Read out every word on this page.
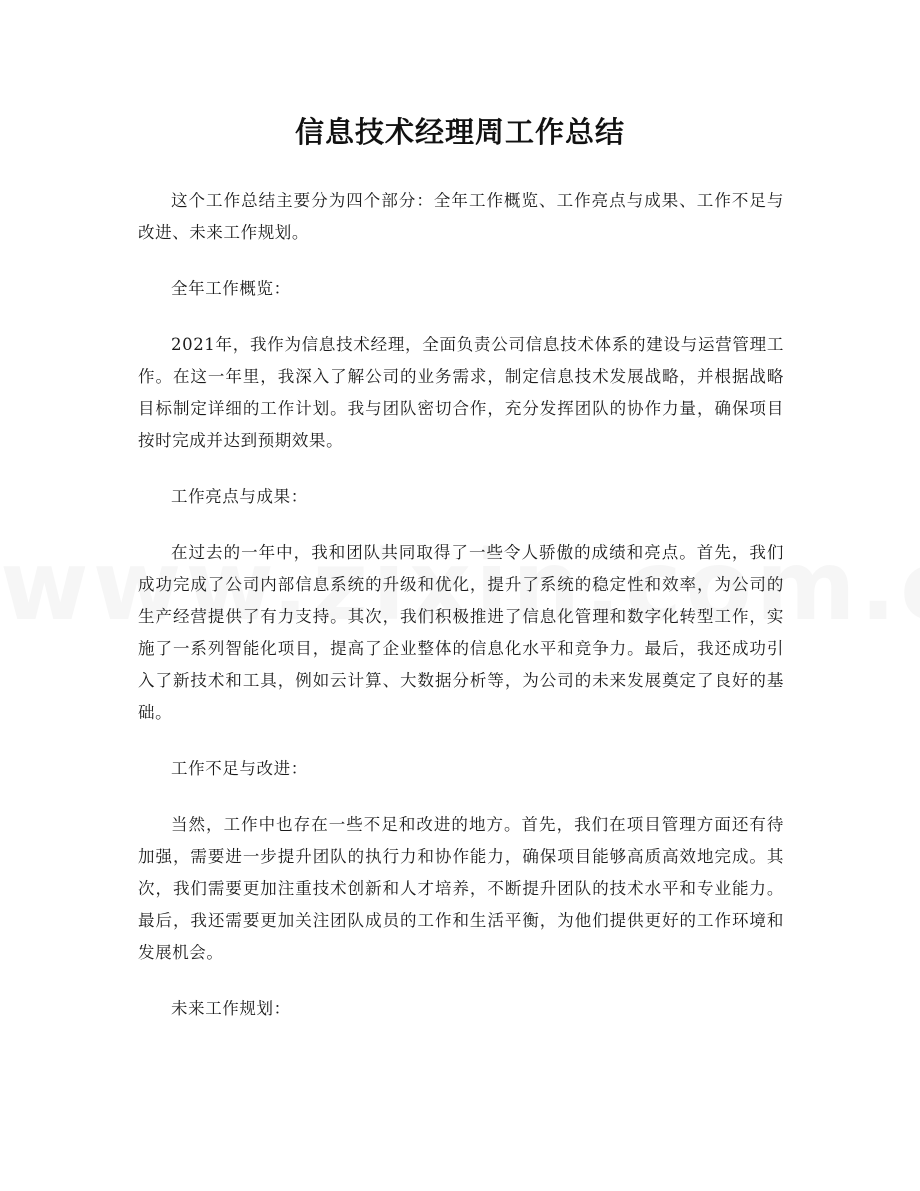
信息技术经理周工作总结

这个工作总结主要分为四个部分：全年工作概览、工作亮点与成果、工作不足与改进、未来工作规划。

全年工作概览：

2021年，我作为信息技术经理，全面负责公司信息技术体系的建设与运营管理工作。在这一年里，我深入了解公司的业务需求，制定信息技术发展战略，并根据战略目标制定详细的工作计划。我与团队密切合作，充分发挥团队的协作力量，确保项目按时完成并达到预期效果。

工作亮点与成果：

在过去的一年中，我和团队共同取得了一些令人骄傲的成绩和亮点。首先，我们成功完成了公司内部信息系统的升级和优化，提升了系统的稳定性和效率，为公司的生产经营提供了有力支持。其次，我们积极推进了信息化管理和数字化转型工作，实施了一系列智能化项目，提高了企业整体的信息化水平和竞争力。最后，我还成功引入了新技术和工具，例如云计算、大数据分析等，为公司的未来发展奠定了良好的基础。

工作不足与改进：

当然，工作中也存在一些不足和改进的地方。首先，我们在项目管理方面还有待加强，需要进一步提升团队的执行力和协作能力，确保项目能够高质高效地完成。其次，我们需要更加注重技术创新和人才培养，不断提升团队的技术水平和专业能力。最后，我还需要更加关注团队成员的工作和生活平衡，为他们提供更好的工作环境和发展机会。

未来工作规划：
